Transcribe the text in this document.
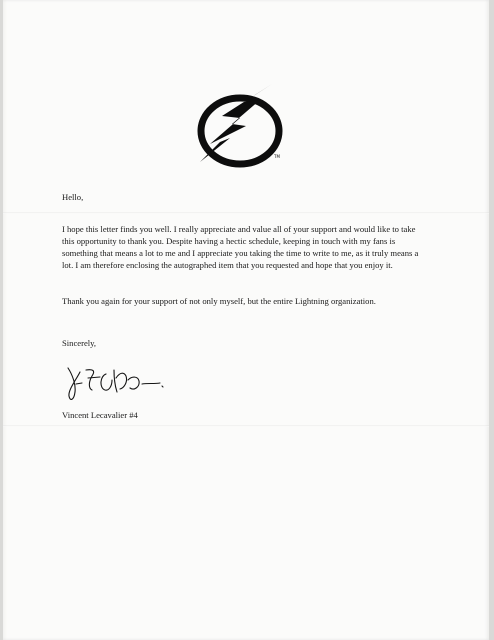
TM

Hello,

I hope this letter finds you well. I really appreciate and value all of your support and would like to take this opportunity to thank you. Despite having a hectic schedule, keeping in touch with my fans is something that means a lot to me and I appreciate you taking the time to write to me, as it truly means a lot. I am therefore enclosing the autographed item that you requested and hope that you enjoy it.

Thank you again for your support of not only myself, but the entire Lightning organization.

Sincerely,

Vincent Lecavalier #4
